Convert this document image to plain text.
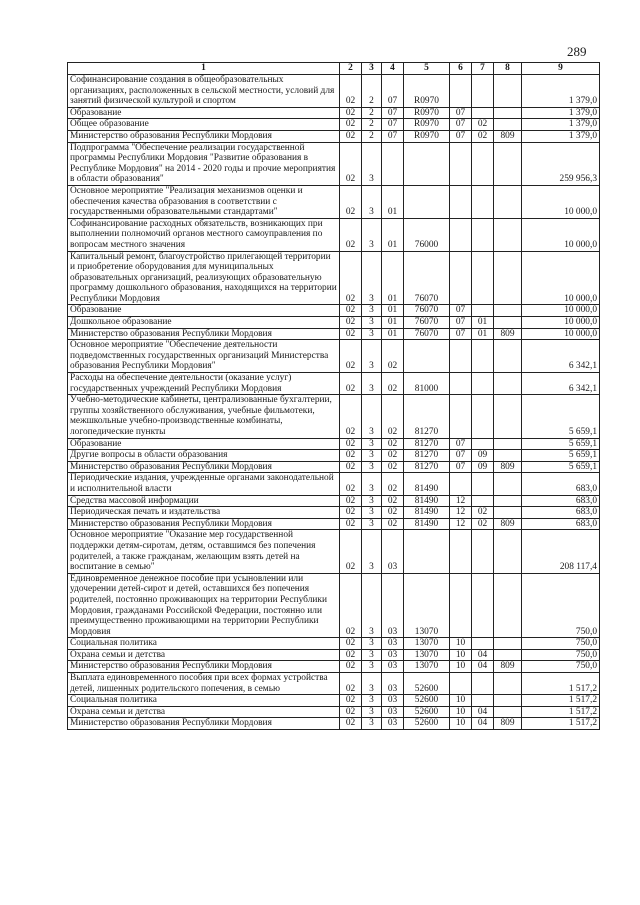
289
1	2	3	4	5	6	7	8	9
Софинансирование создания в общеобразовательных организациях, расположенных в сельской местности, условий для занятий физической культурой и спортом	02	2	07	R0970				1 379,0
Образование	02	2	07	R0970	07			1 379,0
Общее образование	02	2	07	R0970	07	02		1 379,0
Министерство образования Республики Мордовия	02	2	07	R0970	07	02	809	1 379,0
Подпрограмма "Обеспечение реализации государственной программы Республики Мордовия "Развитие образования в Республике Мордовия" на 2014 - 2020 годы и прочие мероприятия в области образования"	02	3						259 956,3
Основное мероприятие "Реализация механизмов оценки и обеспечения качества образования в соответствии с государственными образовательными стандартами"	02	3	01					10 000,0
Софинансирование расходных обязательств, возникающих при выполнении полномочий органов местного самоуправления по вопросам местного значения	02	3	01	76000				10 000,0
Капитальный ремонт, благоустройство прилегающей территории и приобретение оборудования для муниципальных образовательных организаций, реализующих образовательную программу дошкольного образования, находящихся на территории Республики Мордовия	02	3	01	76070				10 000,0
Образование	02	3	01	76070	07			10 000,0
Дошкольное образование	02	3	01	76070	07	01		10 000,0
Министерство образования Республики Мордовия	02	3	01	76070	07	01	809	10 000,0
Основное мероприятие "Обеспечение деятельности подведомственных государственных организаций Министерства образования Республики Мордовия"	02	3	02					6 342,1
Расходы на обеспечение деятельности (оказание услуг) государственных учреждений Республики Мордовия	02	3	02	81000				6 342,1
Учебно-методические кабинеты, централизованные бухгалтерии, группы хозяйственного обслуживания, учебные фильмотеки, межшкольные учебно-производственные комбинаты, логопедические пункты	02	3	02	81270				5 659,1
Образование	02	3	02	81270	07			5 659,1
Другие вопросы в области образования	02	3	02	81270	07	09		5 659,1
Министерство образования Республики Мордовия	02	3	02	81270	07	09	809	5 659,1
Периодические издания, учрежденные органами законодательной и исполнительной власти	02	3	02	81490				683,0
Средства массовой информации	02	3	02	81490	12			683,0
Периодическая печать и издательства	02	3	02	81490	12	02		683,0
Министерство образования Республики Мордовия	02	3	02	81490	12	02	809	683,0
Основное мероприятие "Оказание мер государственной поддержки детям-сиротам, детям, оставшимся без попечения родителей, а также гражданам, желающим взять детей на воспитание в семью"	02	3	03					208 117,4
Единовременное денежное пособие при усыновлении или удочерении детей-сирот и детей, оставшихся без попечения родителей, постоянно проживающих на территории Республики Мордовия, гражданами Российской Федерации, постоянно или преимущественно проживающими на территории Республики Мордовия	02	3	03	13070				750,0
Социальная политика	02	3	03	13070	10			750,0
Охрана семьи и детства	02	3	03	13070	10	04		750,0
Министерство образования Республики Мордовия	02	3	03	13070	10	04	809	750,0
Выплата единовременного пособия при всех формах устройства детей, лишенных родительского попечения, в семью	02	3	03	52600				1 517,2
Социальная политика	02	3	03	52600	10			1 517,2
Охрана семьи и детства	02	3	03	52600	10	04		1 517,2
Министерство образования Республики Мордовия	02	3	03	52600	10	04	809	1 517,2
